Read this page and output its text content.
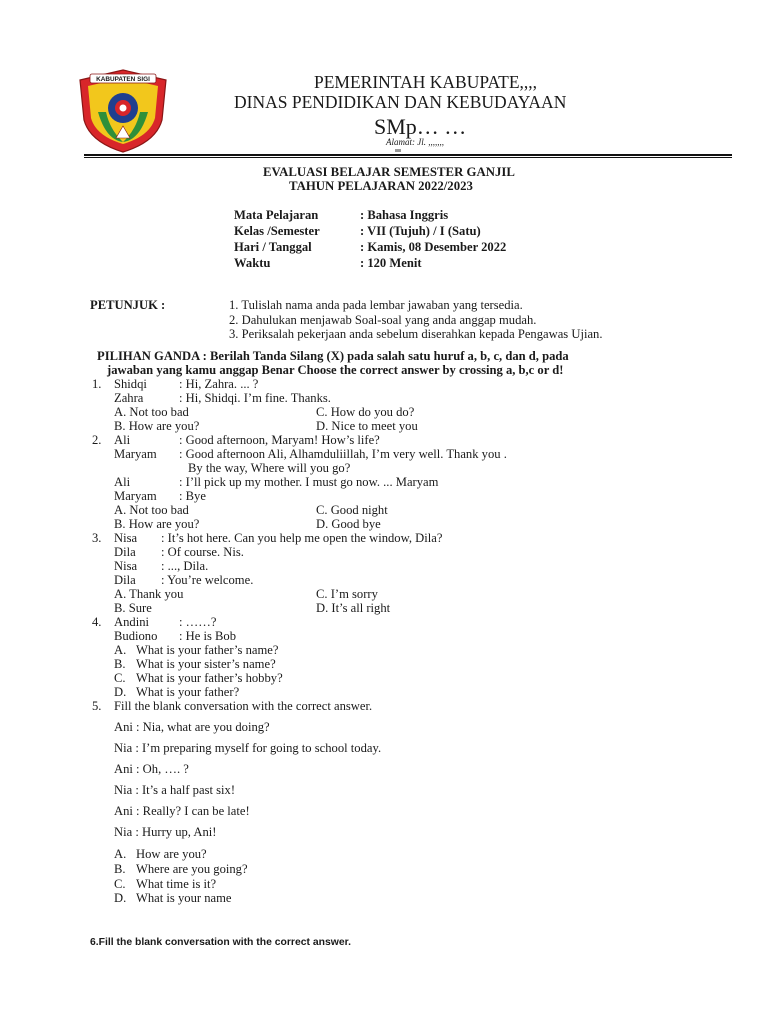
KABUPATEN SIGI	PEMERINTAH KABUPATE,,,,
DINAS PENDIDIKAN DAN KEBUDAYAAN
SMp… …
Alamat: Jl. ,,,,,,,
EVALUASI BELAJAR SEMESTER GANJIL
TAHUN PELAJARAN 2022/2023
Mata Pelajaran	: Bahasa Inggris
Kelas /Semester	: VII (Tujuh) / I (Satu)
Hari / Tanggal	: Kamis, 08 Desember 2022
Waktu	: 120 Menit
PETUNJUK :	1. Tulislah nama anda pada lembar jawaban yang tersedia.
2. Dahulukan menjawab Soal-soal yang anda anggap mudah.
3. Periksalah pekerjaan anda sebelum diserahkan kepada Pengawas Ujian.
PILIHAN GANDA : Berilah Tanda Silang (X) pada salah satu huruf a, b, c, dan d, pada
jawaban yang kamu anggap Benar Choose the correct answer by crossing a, b,c or d!
1. Shidqi	: Hi, Zahra. ... ?
Zahra	: Hi, Shidqi. I’m fine. Thanks.
A. Not too bad	C. How do you do?
B. How are you?	D. Nice to meet you
2. Ali	: Good afternoon, Maryam! How’s life?
Maryam : Good afternoon Ali, Alhamduliillah, I’m very well. Thank you .
By the way, Where will you go?
Ali	: I’ll pick up my mother. I must go now. ... Maryam
Maryam : Bye
A. Not too bad	C. Good night
B. How are you?	D. Good bye
3. Nisa : It’s hot here. Can you help me open the window, Dila?
Dila : Of course. Nis.
Nisa : ..., Dila.
Dila : You’re welcome.
A. Thank you	C. I’m sorry
B. Sure	D. It’s all right
4. Andini : ……?
Budiono : He is Bob
A. What is your father’s name?
B. What is your sister’s name?
C. What is your father’s hobby?
D. What is your father?
5. Fill the blank conversation with the correct answer.
Ani : Nia, what are you doing?
Nia : I’m preparing myself for going to school today.
Ani : Oh, …. ?
Nia : It’s a half past six!
Ani : Really? I can be late!
Nia : Hurry up, Ani!
A. How are you?
B. Where are you going?
C. What time is it?
D. What is your name
6.Fill the blank conversation with the correct answer.
